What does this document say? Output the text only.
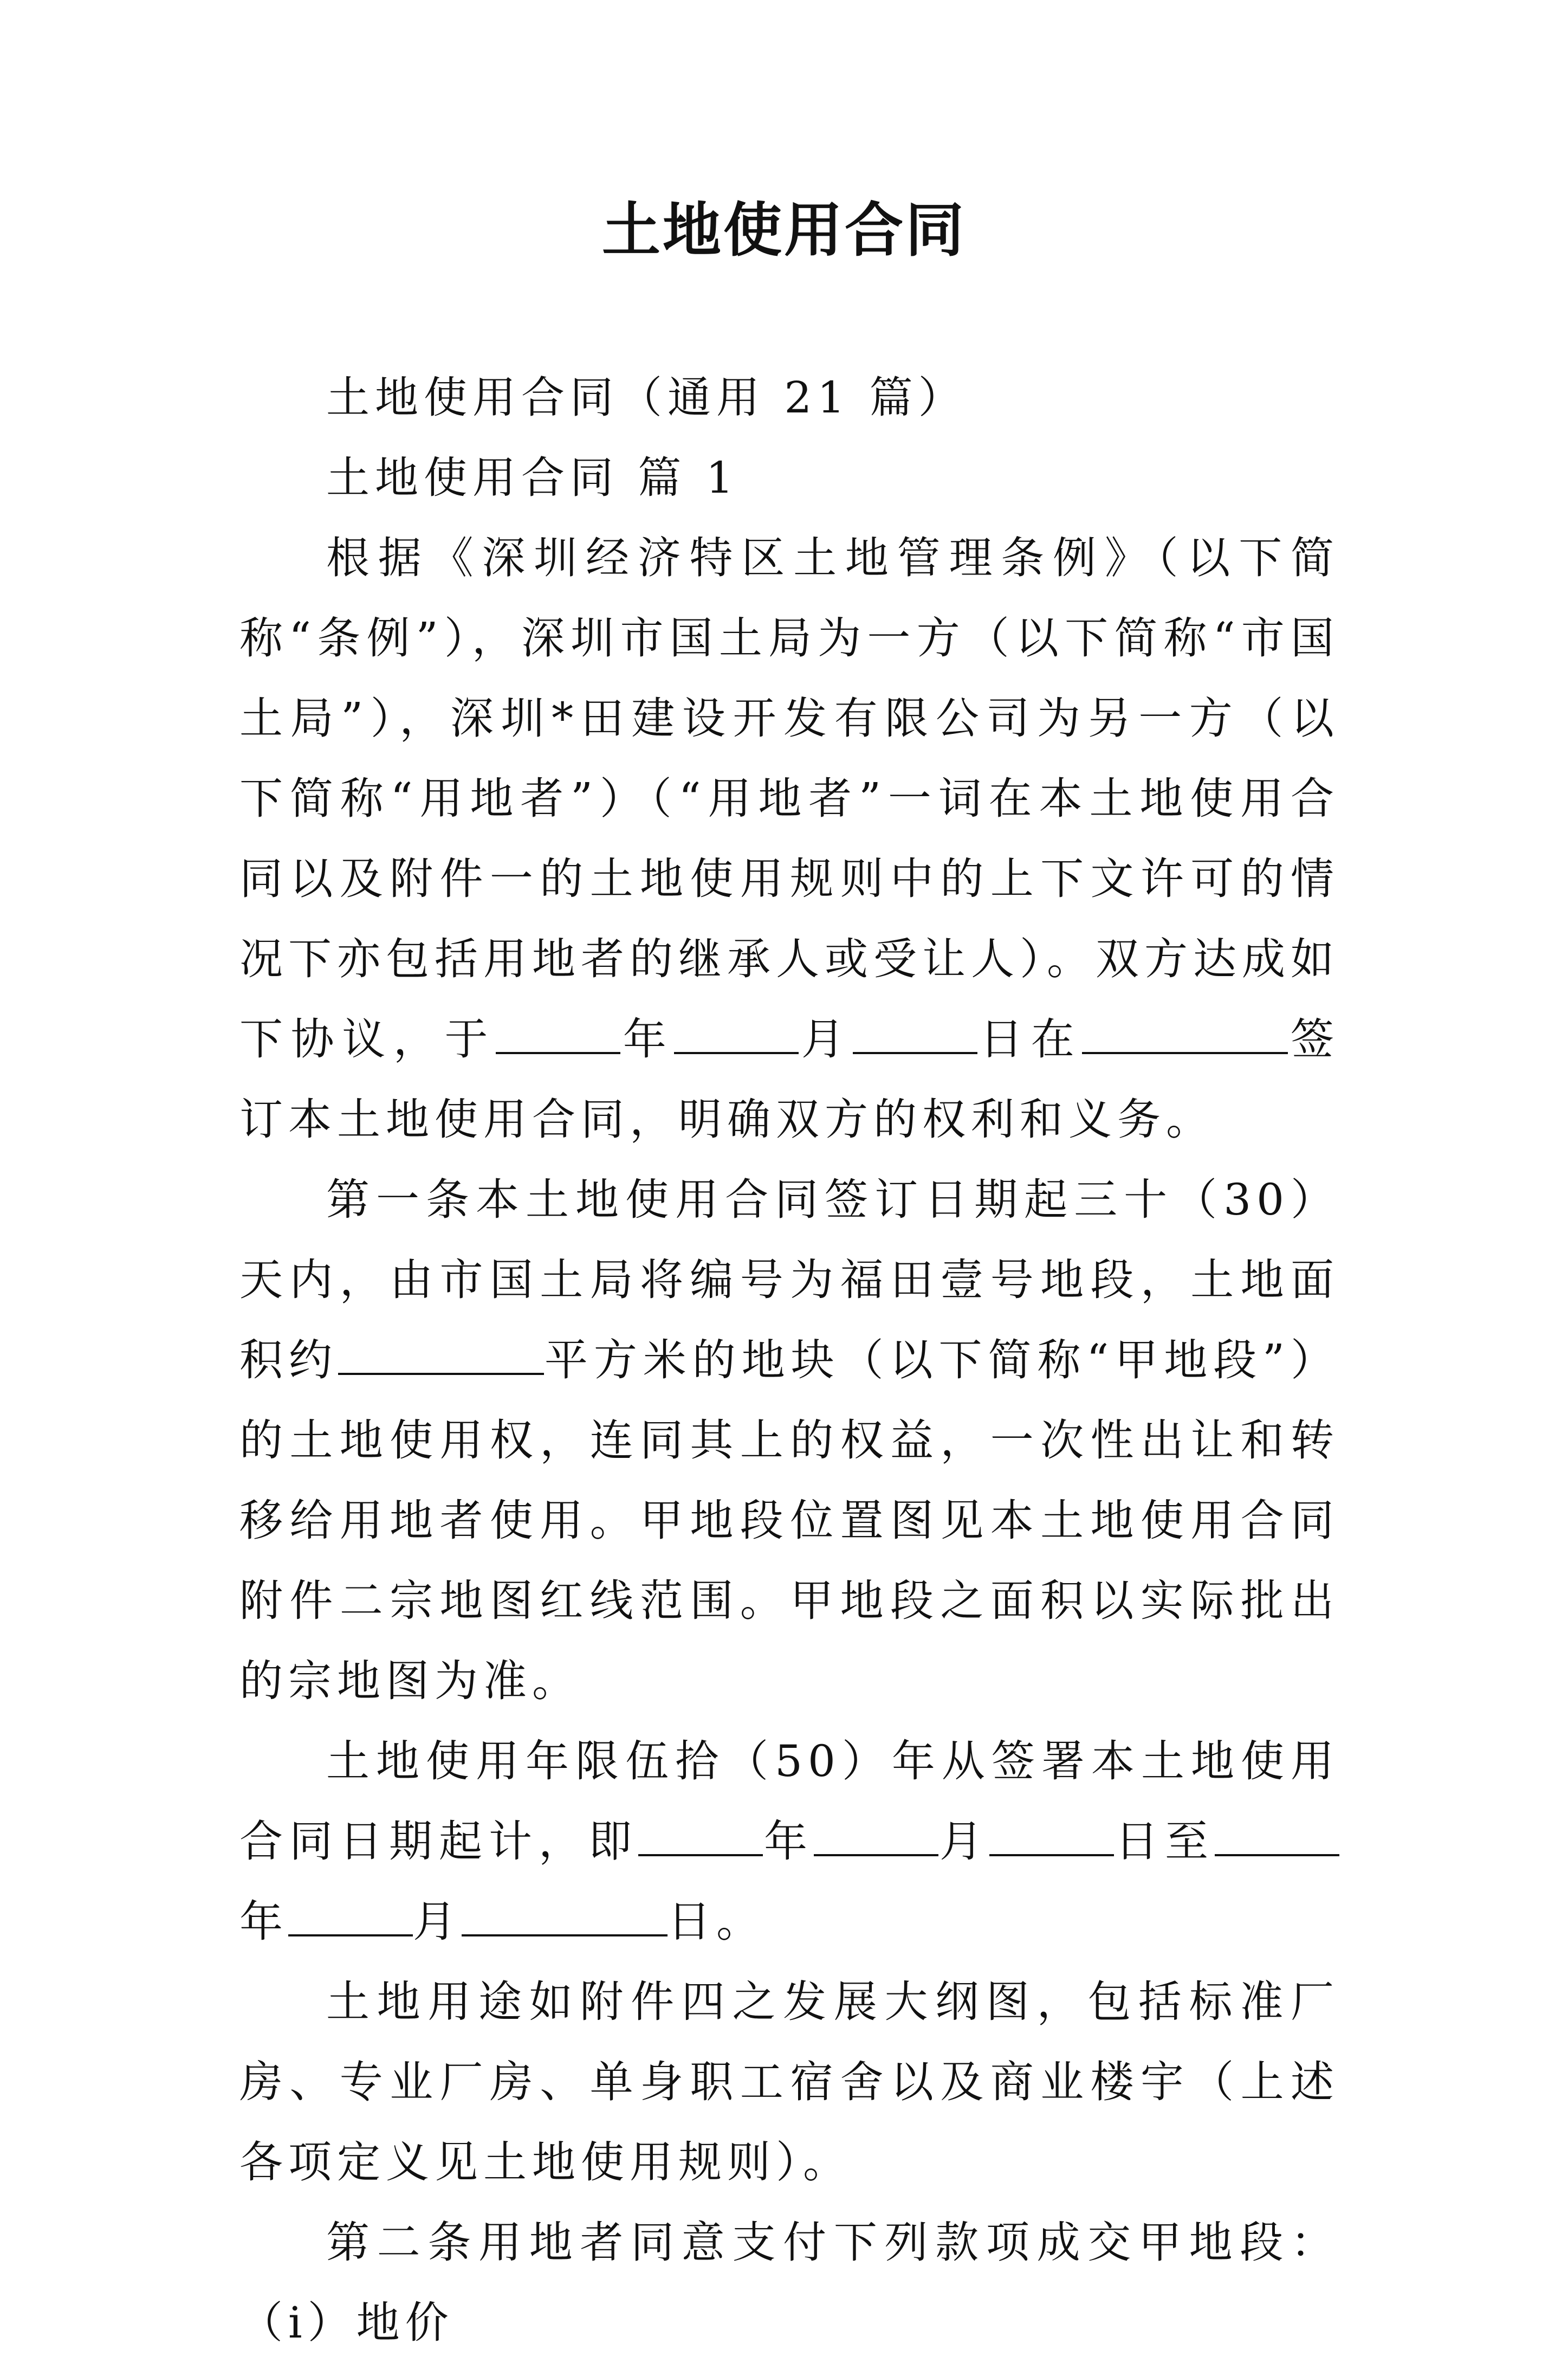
土地使用合同

土地使用合同（通用 21 篇）

土地使用合同 篇 1

根据《深圳经济特区土地管理条例》（以下简称“条例”），深圳市国土局为一方（以下简称“市国土局”），深圳*田建设开发有限公司为另一方（以下简称“用地者”）（“用地者”一词在本土地使用合同以及附件一的土地使用规则中的上下文许可的情况下亦包括用地者的继承人或受让人）。双方达成如下协议，于	年	月	日在	签订本土地使用合同，明确双方的权利和义务。

第一条本土地使用合同签订日期起三十（30）天内，由市国土局将编号为福田壹号地段，土地面积约	平方米的地块（以下简称“甲地段”）的土地使用权，连同其上的权益，一次性出让和转移给用地者使用。甲地段位置图见本土地使用合同附件二宗地图红线范围。甲地段之面积以实际批出的宗地图为准。

土地使用年限伍拾（50）年从签署本土地使用合同日期起计，即	年	月	日至年	月	日。

土地用途如附件四之发展大纲图，包括标准厂房、专业厂房、单身职工宿舍以及商业楼宇（上述各项定义见土地使用规则）。

第二条用地者同意支付下列款项成交甲地段：（i）地价
